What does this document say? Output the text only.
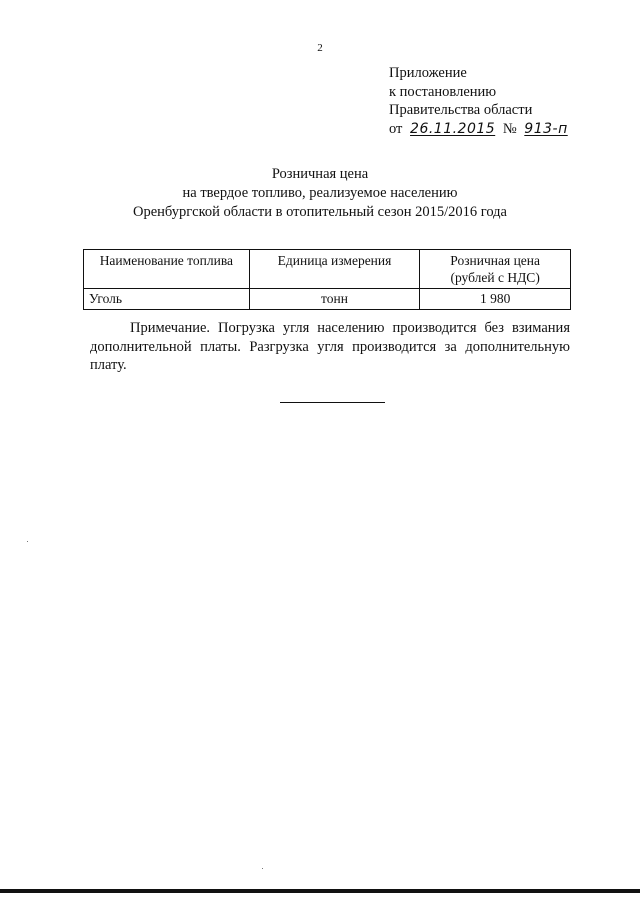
2
Приложение
к постановлению
Правительства области
от 26.11.2015 № 913-п
Розничная цена
на твердое топливо, реализуемое населению
Оренбургской области в отопительный сезон 2015/2016 года
Наименование топлива	Единица измерения	Розничная цена
(рублей с НДС)

Уголь	тонн	1 980
Примечание. Погрузка угля населению производится без взимания дополнительной платы. Разгрузка угля производится за дополнительную плату.
